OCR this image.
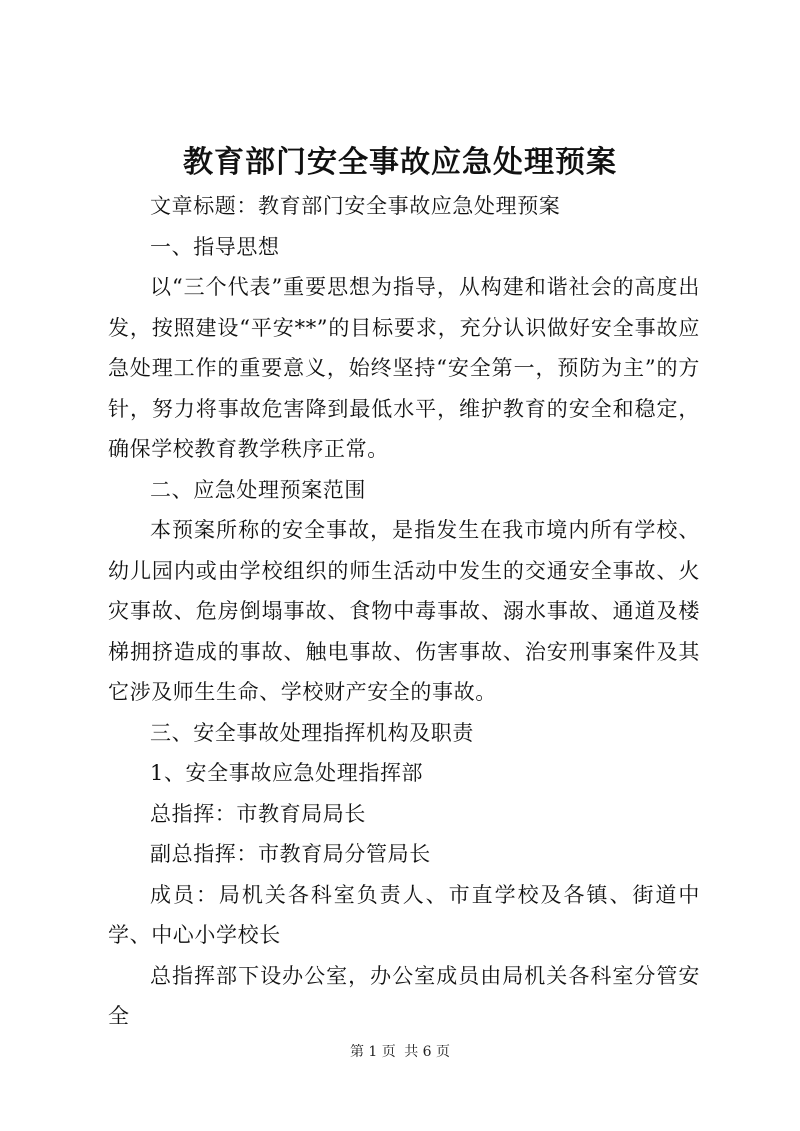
教育部门安全事故应急处理预案

文章标题：教育部门安全事故应急处理预案

一、指导思想

以“三个代表”重要思想为指导，从构建和谐社会的高度出发，按照建设“平安**”的目标要求，充分认识做好安全事故应急处理工作的重要意义，始终坚持“安全第一，预防为主”的方针，努力将事故危害降到最低水平，维护教育的安全和稳定，确保学校教育教学秩序正常。

二、应急处理预案范围

本预案所称的安全事故，是指发生在我市境内所有学校、幼儿园内或由学校组织的师生活动中发生的交通安全事故、火灾事故、危房倒塌事故、食物中毒事故、溺水事故、通道及楼梯拥挤造成的事故、触电事故、伤害事故、治安刑事案件及其它涉及师生生命、学校财产安全的事故。

三、安全事故处理指挥机构及职责

1、安全事故应急处理指挥部

总指挥：市教育局局长

副总指挥：市教育局分管局长

成员：局机关各科室负责人、市直学校及各镇、街道中学、中心小学校长

总指挥部下设办公室，办公室成员由局机关各科室分管安全

第 1 页 共 6 页
